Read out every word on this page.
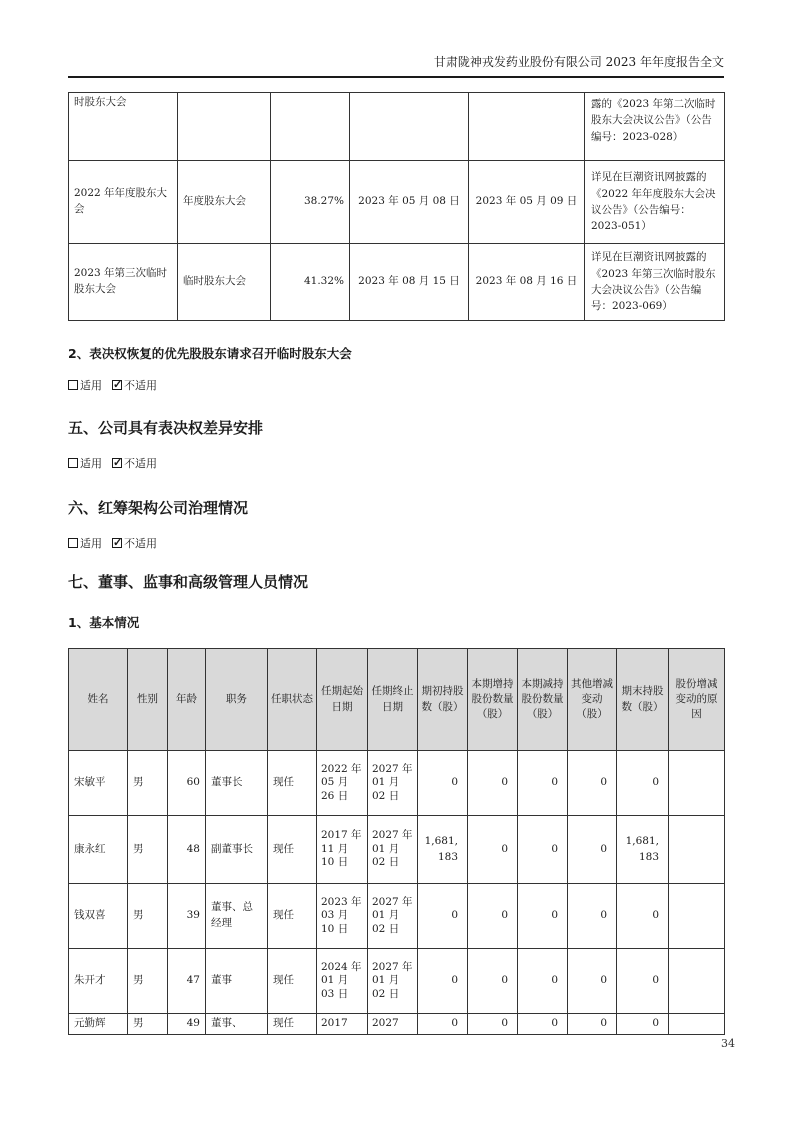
甘肃陇神戎发药业股份有限公司 2023 年年度报告全文
时股东大会					露的《2023 年第二次临时股东大会决议公告》（公告编号：2023-028）
2022 年年度股东大会	年度股东大会	38.27%	2023 年 05 月 08 日	2023 年 05 月 09 日	详见在巨潮资讯网披露的《2022 年年度股东大会决议公告》（公告编号：2023-051）
2023 年第三次临时股东大会	临时股东大会	41.32%	2023 年 08 月 15 日	2023 年 08 月 16 日	详见在巨潮资讯网披露的《2023 年第三次临时股东大会决议公告》（公告编号：2023-069）
2、表决权恢复的优先股股东请求召开临时股东大会
适用 ✓ 不适用
五、公司具有表决权差异安排
适用 ✓ 不适用
六、红筹架构公司治理情况
适用 ✓ 不适用
七、董事、监事和高级管理人员情况
1、基本情况
姓名	性别	年龄	职务	任职状态	任期起始日期	任期终止日期	期初持股数（股）	本期增持股份数量（股）	本期减持股份数量（股）	其他增减变动（股）	期末持股数（股）	股份增减变动的原因
宋敏平	男	60	董事长	现任	2022 年 05 月 26 日	2027 年 01 月 02 日	0	0	0	0	0	
康永红	男	48	副董事长	现任	2017 年 11 月 10 日	2027 年 01 月 02 日	1,681,183	0	0	0	1,681,183	
钱双喜	男	39	董事、总经理	现任	2023 年 03 月 10 日	2027 年 01 月 02 日	0	0	0	0	0	
朱开才	男	47	董事	现任	2024 年 01 月 03 日	2027 年 01 月 02 日	0	0	0	0	0	
元勤辉	男	49	董事、	现任	2017	2027	0	0	0	0	0	
34
